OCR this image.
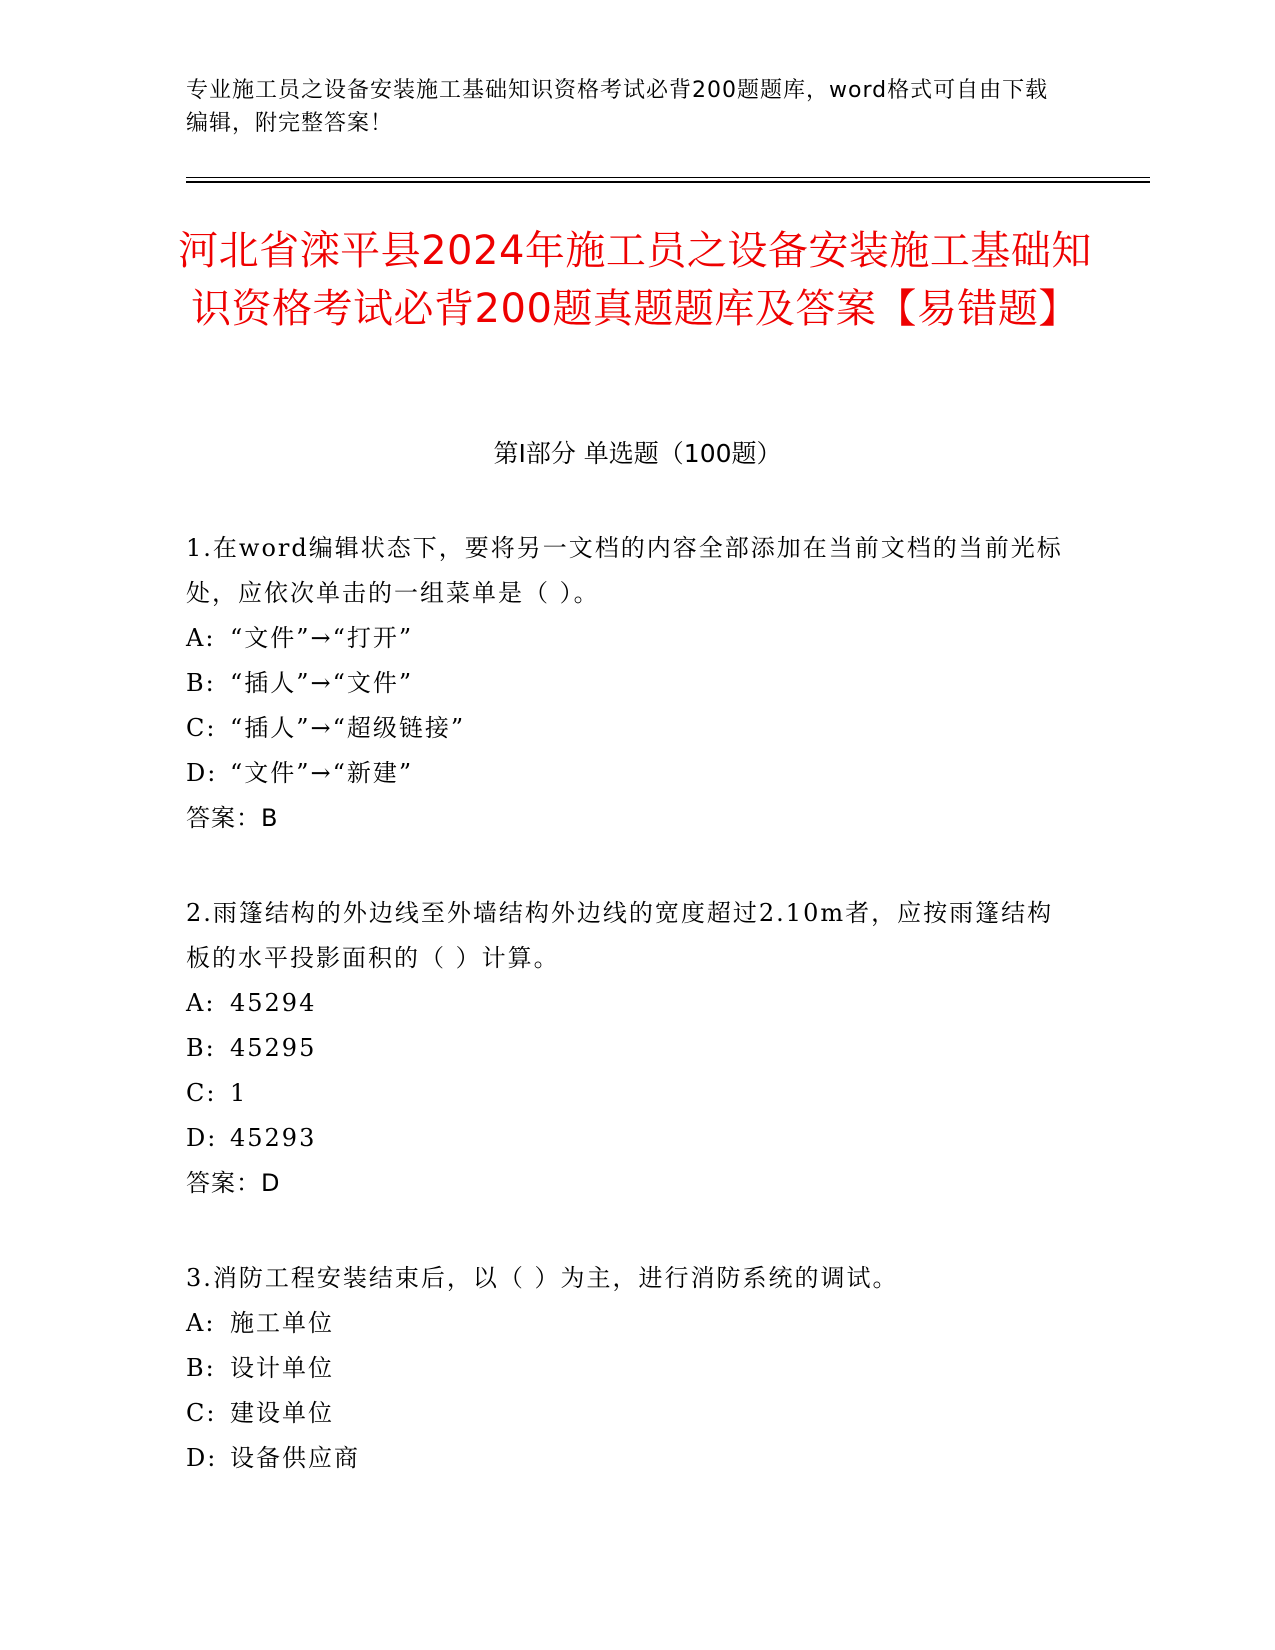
专业施工员之设备安装施工基础知识资格考试必背200题题库，word格式可自由下载编辑，附完整答案！
河北省滦平县2024年施工员之设备安装施工基础知识资格考试必背200题真题题库及答案【易错题】
第I部分 单选题（100题）
1.在word编辑状态下，要将另一文档的内容全部添加在当前文档的当前光标处，应依次单击的一组菜单是（ ）。
A: “文件”→“打开”
B: “插人”→“文件”
C: “插人”→“超级链接”
D: “文件”→“新建”
答案：B
2.雨篷结构的外边线至外墙结构外边线的宽度超过2.10m者，应按雨篷结构板的水平投影面积的（ ）计算。
A: 45294
B: 45295
C: 1
D: 45293
答案：D
3.消防工程安装结束后，以（ ）为主，进行消防系统的调试。
A: 施工单位
B: 设计单位
C: 建设单位
D: 设备供应商
